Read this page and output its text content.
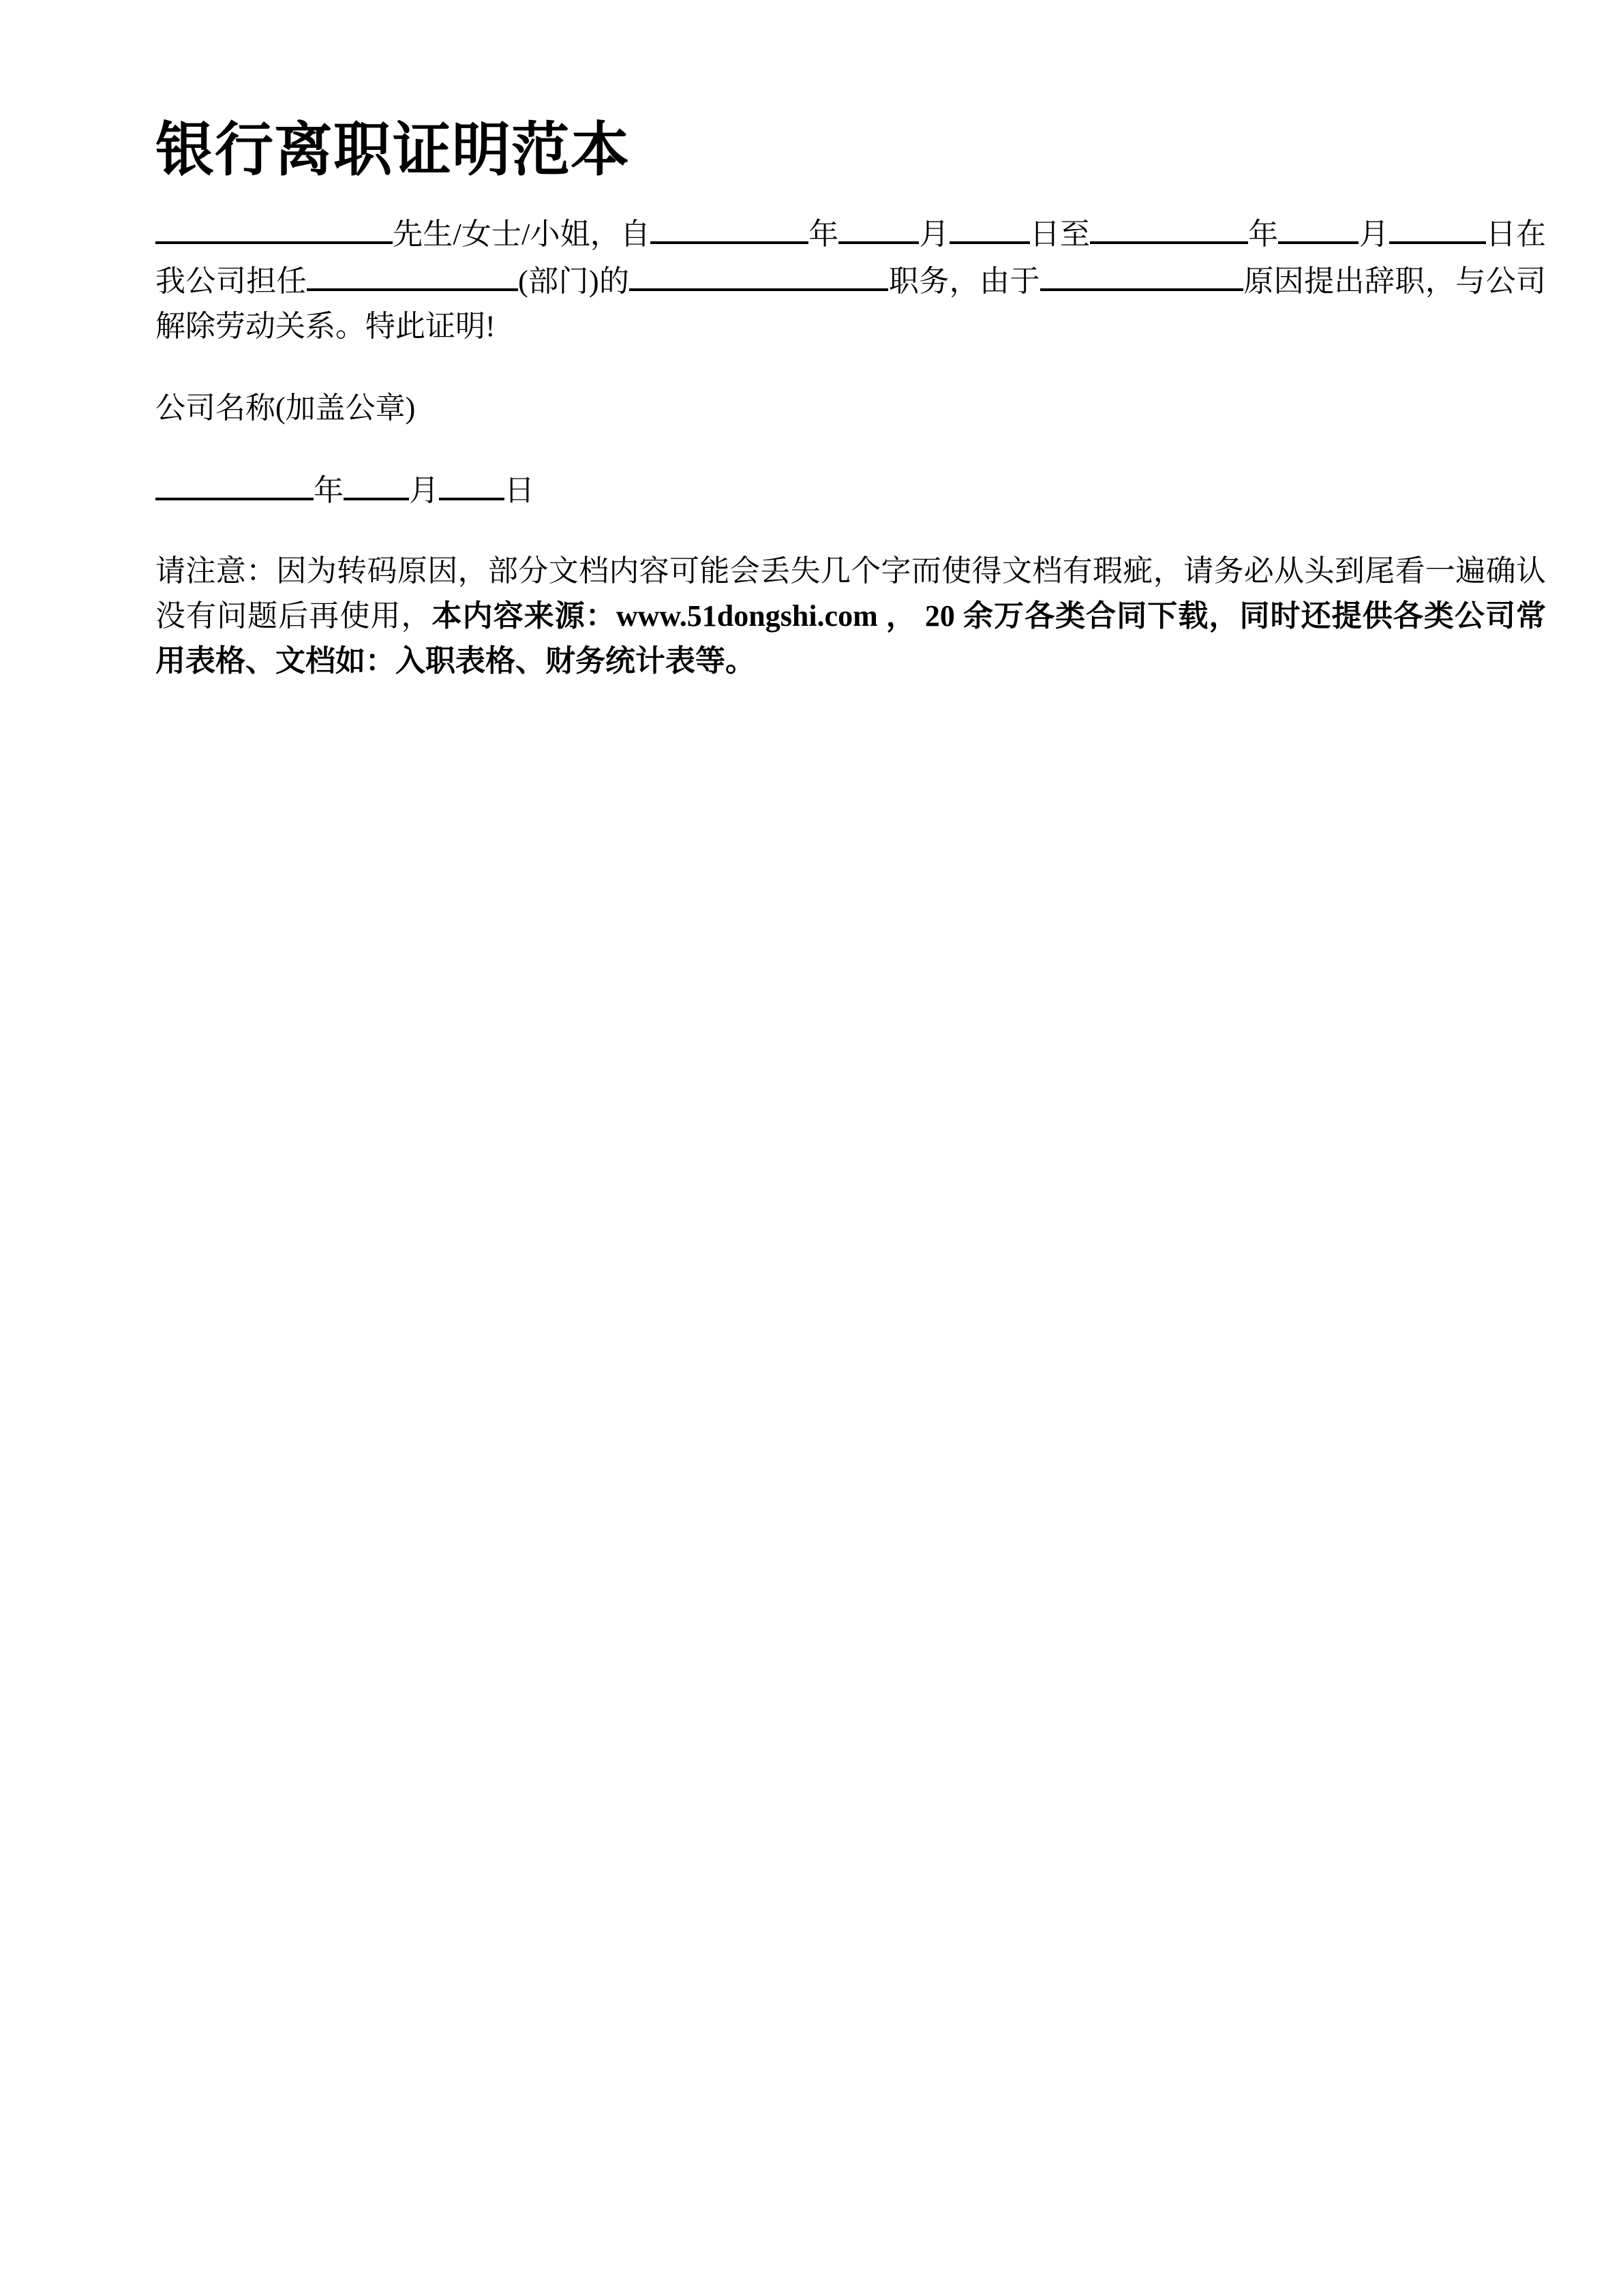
银行离职证明范本

先生/女士/小姐，自	年	月	日至	年	月	日在我公司担任	(部门)的	职务，由于	原因提出辞职，与公司解除劳动关系。特此证明!

公司名称(加盖公章)

年 月 日

请注意：因为转码原因，部分文档内容可能会丢失几个字而使得文档有瑕疵，请务必从头到尾看一遍确认没有问题后再使用，本内容来源：www.51dongshi.com ， 20 余万各类合同下载，同时还提供各类公司常用表格、文档如：入职表格、财务统计表等。
